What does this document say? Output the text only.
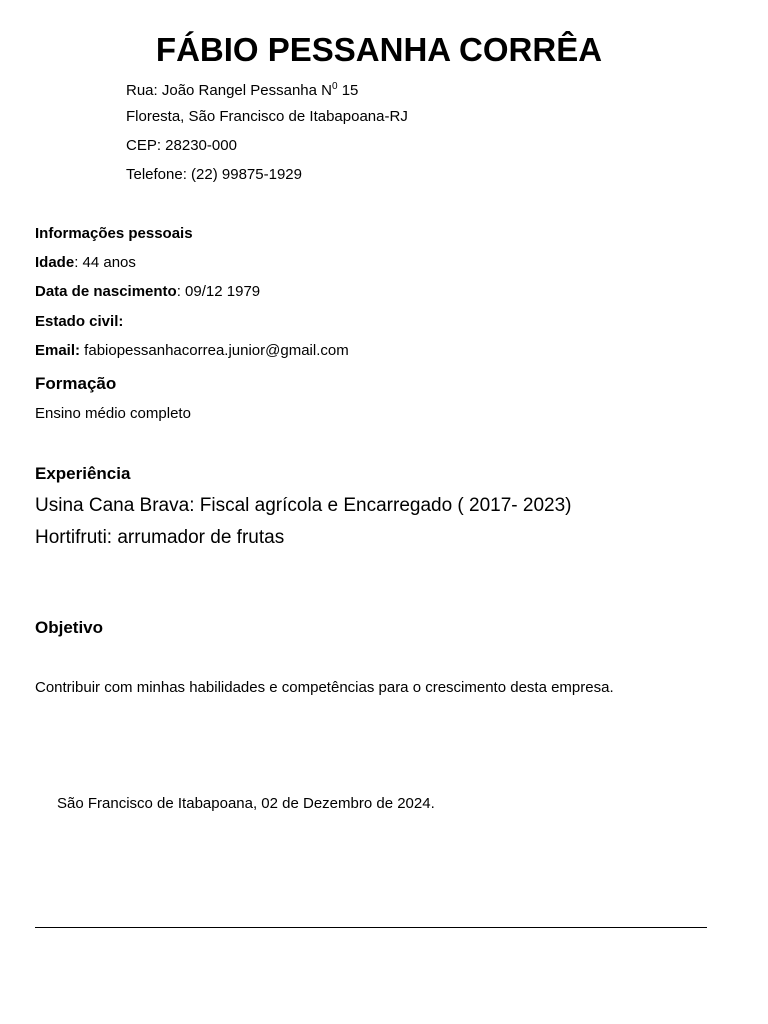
FÁBIO PESSANHA CORRÊA
Rua: João Rangel Pessanha $N^0$ 15
Floresta, São Francisco de Itabapoana-RJ
CEP: 28230-000
Telefone: (22) 99875-1929
Informações pessoais
Idade: 44 anos
Data de nascimento: 09/12 1979
Estado civil:
Email: fabiopessanhacorrea.junior@gmail.com
Formação
Ensino médio completo
Experiência
Usina Cana Brava: Fiscal agrícola e Encarregado ( 2017- 2023)
Hortifruti: arrumador de frutas
Objetivo
Contribuir com minhas habilidades e competências para o crescimento desta empresa.
São Francisco de Itabapoana, 02 de Dezembro de 2024.
